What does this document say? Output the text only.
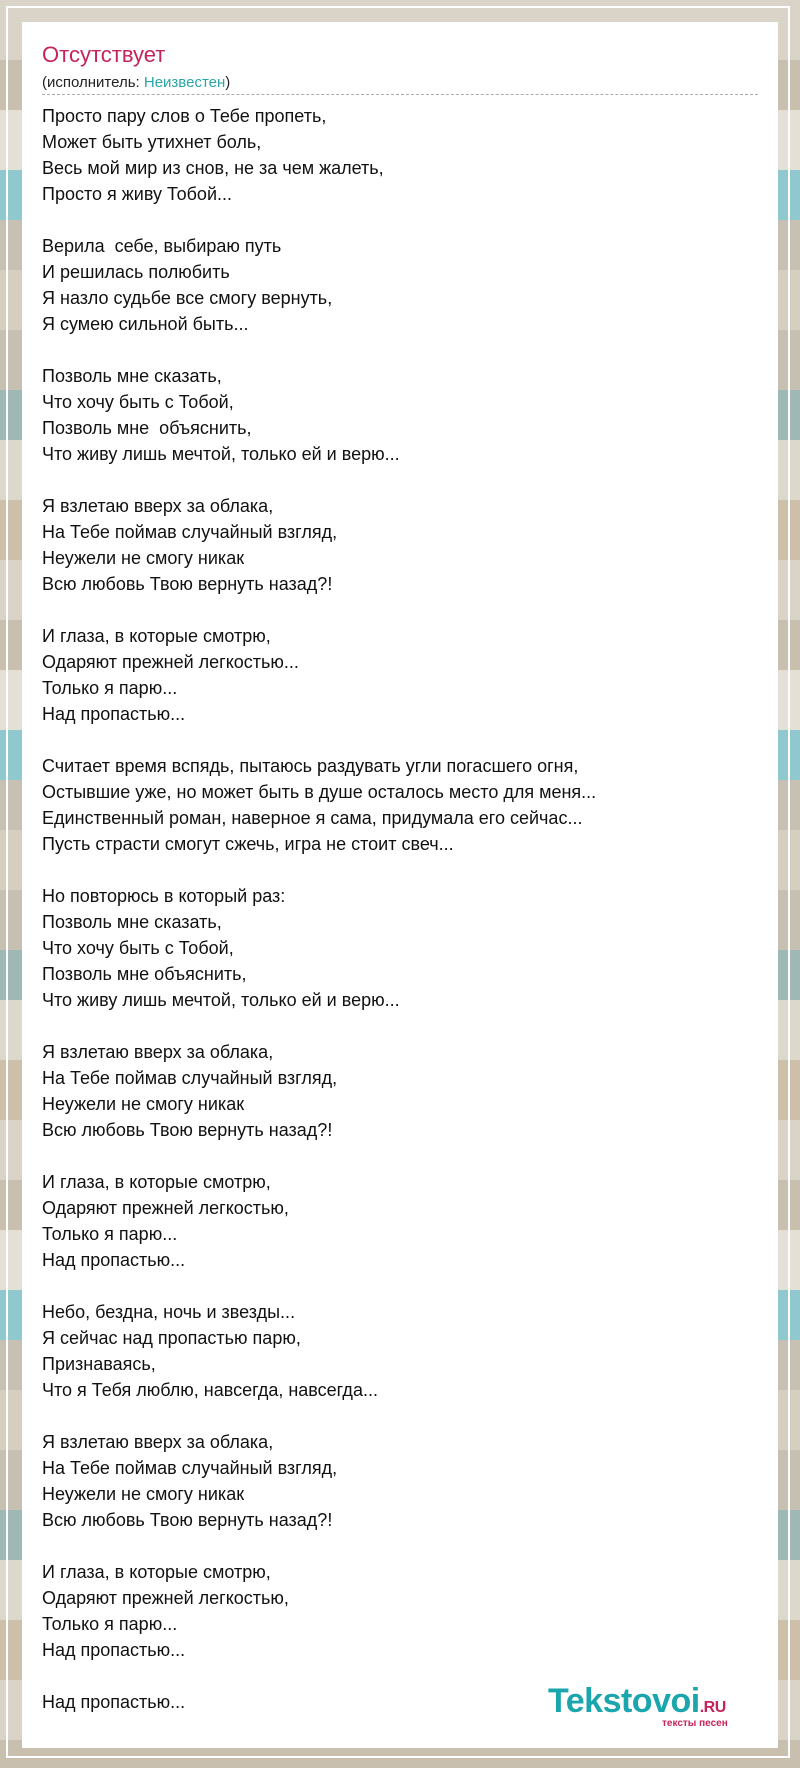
Отсутствует
(исполнитель: Неизвестен)
Просто пару слов о Тебе пропеть,
Может быть утихнет боль,
Весь мой мир из снов, не за чем жалеть,
Просто я живу Тобой...
Верила  себе, выбираю путь
И решилась полюбить
Я назло судьбе все смогу вернуть,
Я сумею сильной быть...
Позволь мне сказать,
Что хочу быть с Тобой,
Позволь мне  объяснить,
Что живу лишь мечтой, только ей и верю...
Я взлетаю вверх за облака,
На Тебе поймав случайный взгляд,
Неужели не смогу никак
Всю любовь Твою вернуть назад?!
И глаза, в которые смотрю,
Одаряют прежней легкостью...
Только я парю...
Над пропастью...
Считает время вспядь, пытаюсь раздувать угли погасшего огня,
Остывшие уже, но может быть в душе осталось место для меня...
Единственный роман, наверное я сама, придумала его сейчас...
Пусть страсти смогут сжечь, игра не стоит свеч...
Но повторюсь в который раз:
Позволь мне сказать,
Что хочу быть с Тобой,
Позволь мне объяснить,
Что живу лишь мечтой, только ей и верю...
Я взлетаю вверх за облака,
На Тебе поймав случайный взгляд,
Неужели не смогу никак
Всю любовь Твою вернуть назад?!
И глаза, в которые смотрю,
Одаряют прежней легкостью,
Только я парю...
Над пропастью...
Небо, бездна, ночь и звезды...
Я сейчас над пропастью парю,
Признаваясь,
Что я Тебя люблю, навсегда, навсегда...
Я взлетаю вверх за облака,
На Тебе поймав случайный взгляд,
Неужели не смогу никак
Всю любовь Твою вернуть назад?!
И глаза, в которые смотрю,
Одаряют прежней легкостью,
Только я парю...
Над пропастью...
Над пропастью...	Tekstovoi.RU
тексты песен
